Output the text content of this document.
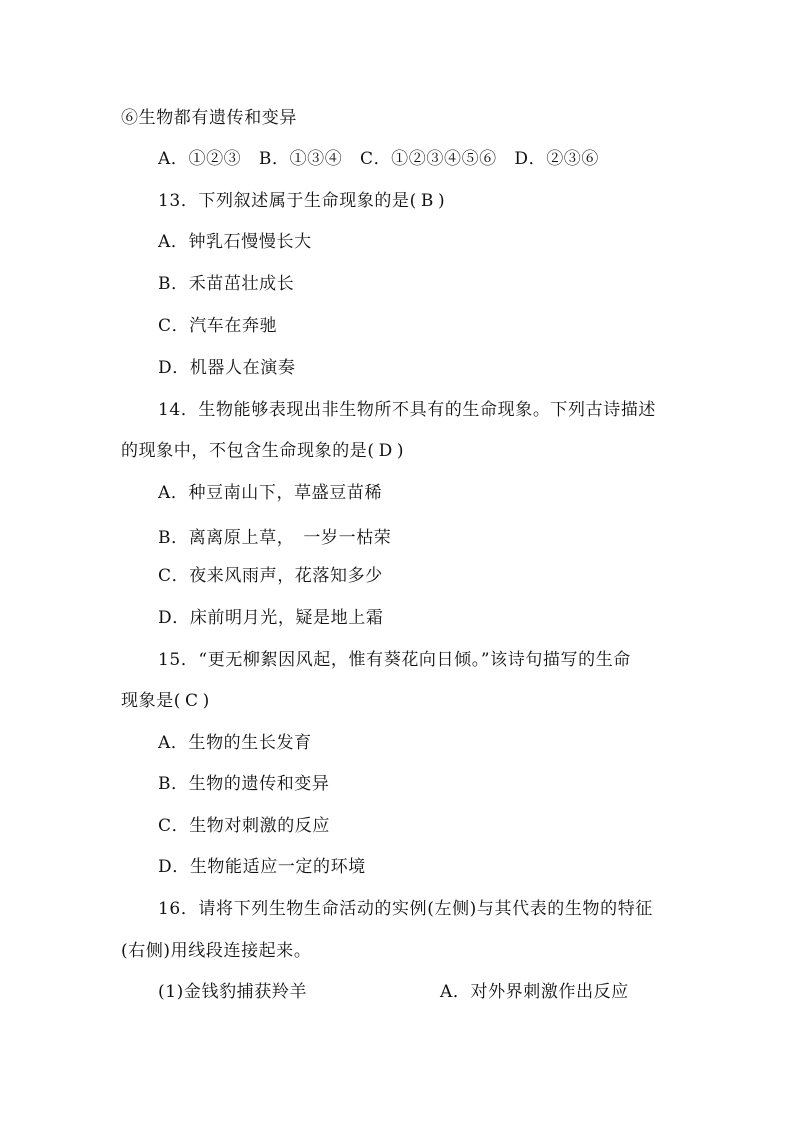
⑥生物都有遗传和变异
A．①②③　B．①③④　C．①②③④⑤⑥　D．②③⑥
13．下列叙述属于生命现象的是( B )
A．钟乳石慢慢长大
B．禾苗茁壮成长
C．汽车在奔驰
D．机器人在演奏
14．生物能够表现出非生物所不具有的生命现象。下列古诗描述
的现象中，不包含生命现象的是( D )
A．种豆南山下，草盛豆苗稀
B．离离原上草，　一岁一枯荣
C．夜来风雨声，花落知多少
D．床前明月光，疑是地上霜
15．“更无柳絮因风起，惟有葵花向日倾。”该诗句描写的生命
现象是( C )
A．生物的生长发育
B．生物的遗传和变异
C．生物对刺激的反应
D．生物能适应一定的环境
16．请将下列生物生命活动的实例(左侧)与其代表的生物的特征
(右侧)用线段连接起来。
(1)金钱豹捕获羚羊	A．对外界刺激作出反应
